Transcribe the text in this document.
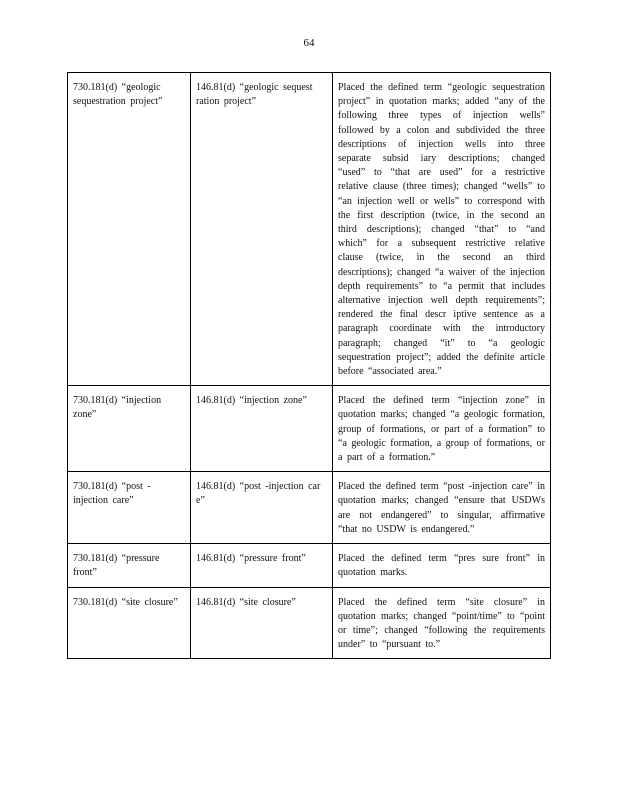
64
730.181(d) “geologic sequestration project”	146.81(d) “geologic sequest ration project”	Placed the defined term “geologic sequestration project” in quotation marks; added “any of the following three types of injection wells” followed by a colon and subdivided the three descriptions of injection wells into three separate subsid iary descriptions; changed “used” to “that are used” for a restrictive relative clause (three times); changed “wells” to “an injection well or wells” to correspond with the first description (twice, in the second an third descriptions); changed “that” to “and which” for a subsequent restrictive relative clause (twice, in the second an third descriptions); changed “a waiver of the injection depth requirements” to “a permit that includes alternative injection well depth requirements”; rendered the final descr iptive sentence as a paragraph coordinate with the introductory paragraph; changed “it” to “a geologic sequestration project”; added the definite article before “associated area.”
730.181(d) “injection zone”	146.81(d) “injection zone”	Placed the defined term “injection zone” in quotation marks; changed “a geologic formation, group of formations, or part of a formation” to “a geologic formation, a group of formations, or a part of a formation.”
730.181(d) “post -injection care”	146.81(d) “post -injection car e”	Placed the defined term “post -injection care” in quotation marks; changed “ensure that USDWs are not endangered” to singular, affirmative “that no USDW is endangered.”
730.181(d) “pressure front”	146.81(d) “pressure front”	Placed the defined term “pres sure front” in quotation marks.
730.181(d) “site closure”	146.81(d) “site closure”	Placed the defined term “site closure” in quotation marks; changed “point/time” to “point or time”; changed “following the requirements under” to “pursuant to.”
